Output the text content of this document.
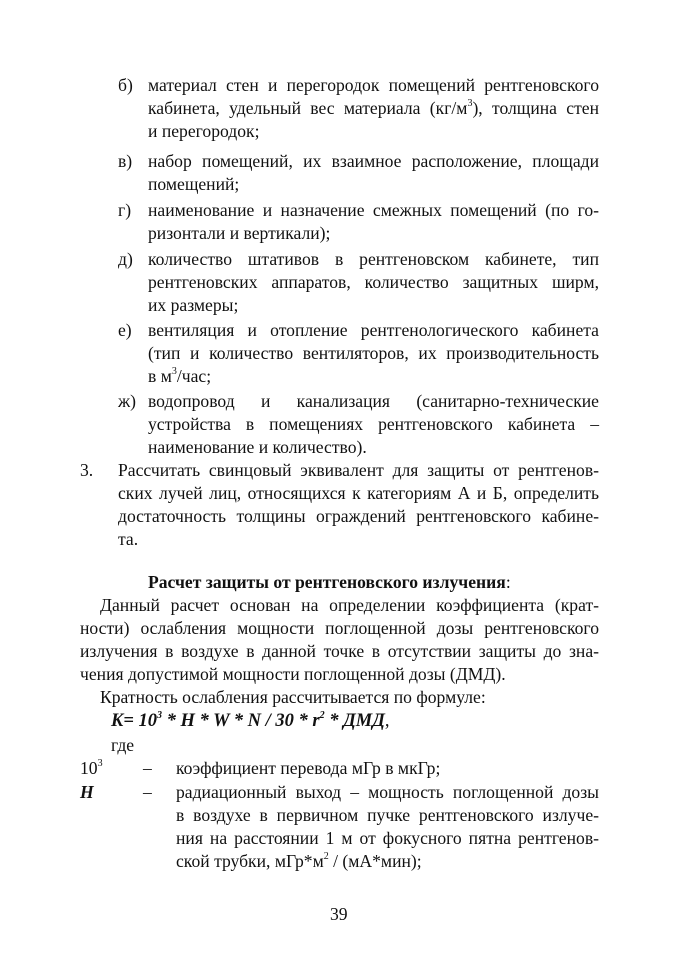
б) материал стен и перегородок помещений рентгеновского
кабинета, удельный вес материала $(кг/м^3)$, толщина стен
и перегородок;
в) набор помещений, их взаимное расположение, площади
помещений;
г) наименование и назначение смежных помещений (по го-
ризонтали и вертикали);
д) количество штативов в рентгеновском кабинете, тип
рентгеновских аппаратов, количество защитных ширм,
их размеры;
е) вентиляция и отопление рентгенологического кабинета
(тип и количество вентиляторов, их производительность
в $м^3$/час;
ж) водопровод и канализация (санитарно-технические
устройства в помещениях рентгеновского кабинета –
наименование и количество).
3. Рассчитать свинцовый эквивалент для защиты от рентгенов-
ских лучей лиц, относящихся к категориям А и Б, определить
достаточность толщины ограждений рентгеновского кабине-
та.
Расчет защиты от рентгеновского излучения:
Данный расчет основан на определении коэффициента (крат-
ности) ослабления мощности поглощенной дозы рентгеновского
излучения в воздухе в данной точке в отсутствии защиты до зна-
чения допустимой мощности поглощенной дозы (ДМД).
Кратность ослабления рассчитывается по формуле:
$K= 10^3 * H * W * N / 30 * r^2$ * ДМД,
где
$10^3$ – коэффициент перевода мГр в мкГр;
H	– радиационный выход – мощность поглощенной дозы
в воздухе в первичном пучке рентгеновского излуче-
ния на расстоянии 1 м от фокусного пятна рентгенов-
ской трубки, $мГр*м^2 / (мА*мин)$;
39
